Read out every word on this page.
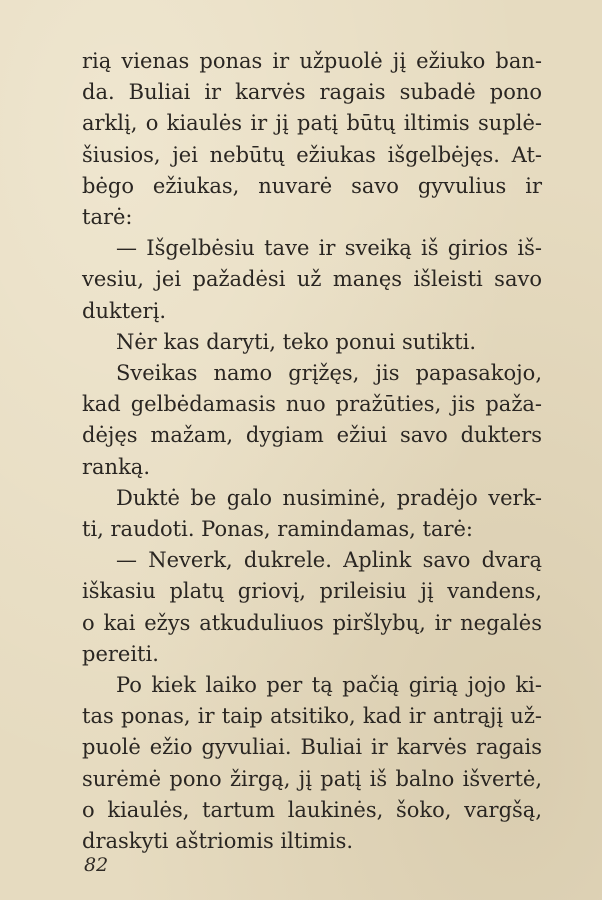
rią vienas ponas ir užpuolė jį ežiuko ban-
da. Buliai ir karvės ragais subadė pono
arklį, o kiaulės ir jį patį būtų iltimis suplė-
šiusios, jei nebūtų ežiukas išgelbėjęs. At-
bėgo ežiukas, nuvarė savo gyvulius ir
tarė:
— Išgelbėsiu tave ir sveiką iš girios iš-
vesiu, jei pažadėsi už manęs išleisti savo
dukterį.
Nėr kas daryti, teko ponui sutikti.
Sveikas namo grįžęs, jis papasakojo,
kad gelbėdamasis nuo pražūties, jis paža-
dėjęs mažam, dygiam ežiui savo dukters
ranką.
Duktė be galo nusiminė, pradėjo verk-
ti, raudoti. Ponas, ramindamas, tarė:
— Neverk, dukrele. Aplink savo dvarą
iškasiu platų griovį, prileisiu jį vandens,
o kai ežys atkudulіuos piršlybų, ir negalės
pereiti.
Po kiek laiko per tą pačią girią jojo ki-
tas ponas, ir taip atsitiko, kad ir antrąjį už-
puolė ežio gyvuliai. Buliai ir karvės ragais
surėmė pono žirgą, jį patį iš balno išvertė,
o kiaulės, tartum laukinės, šoko, vargšą,
draskyti aštriomis iltimis.
82
